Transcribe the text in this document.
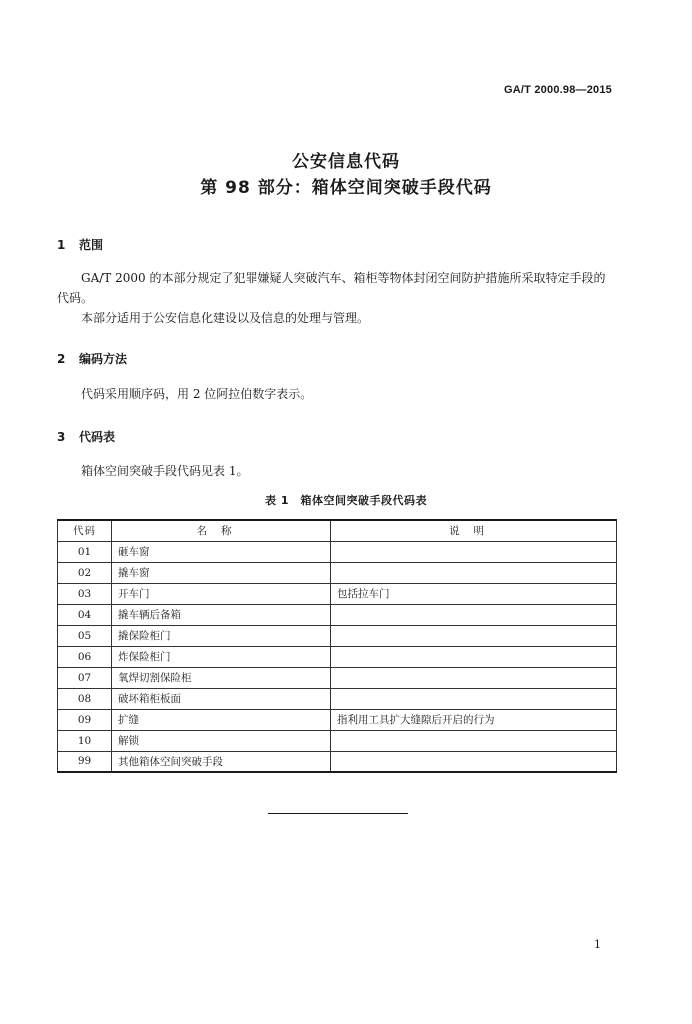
GA/T 2000.98—2015
公安信息代码
第 98 部分：箱体空间突破手段代码
1 范围
GA/T 2000 的本部分规定了犯罪嫌疑人突破汽车、箱柜等物体封闭空间防护措施所采取特定手段的代码。
本部分适用于公安信息化建设以及信息的处理与管理。
2 编码方法
代码采用顺序码，用 2 位阿拉伯数字表示。
3 代码表
箱体空间突破手段代码见表 1。
表 1　箱体空间突破手段代码表
代码	名称	说明
01	砸车窗	
02	撬车窗	
03	开车门	包括拉车门
04	撬车辆后备箱	
05	撬保险柜门	
06	炸保险柜门	
07	氧焊切割保险柜	
08	破坏箱柜板面	
09	扩缝	指利用工具扩大缝隙后开启的行为
10	解锁	
99	其他箱体空间突破手段	
1
